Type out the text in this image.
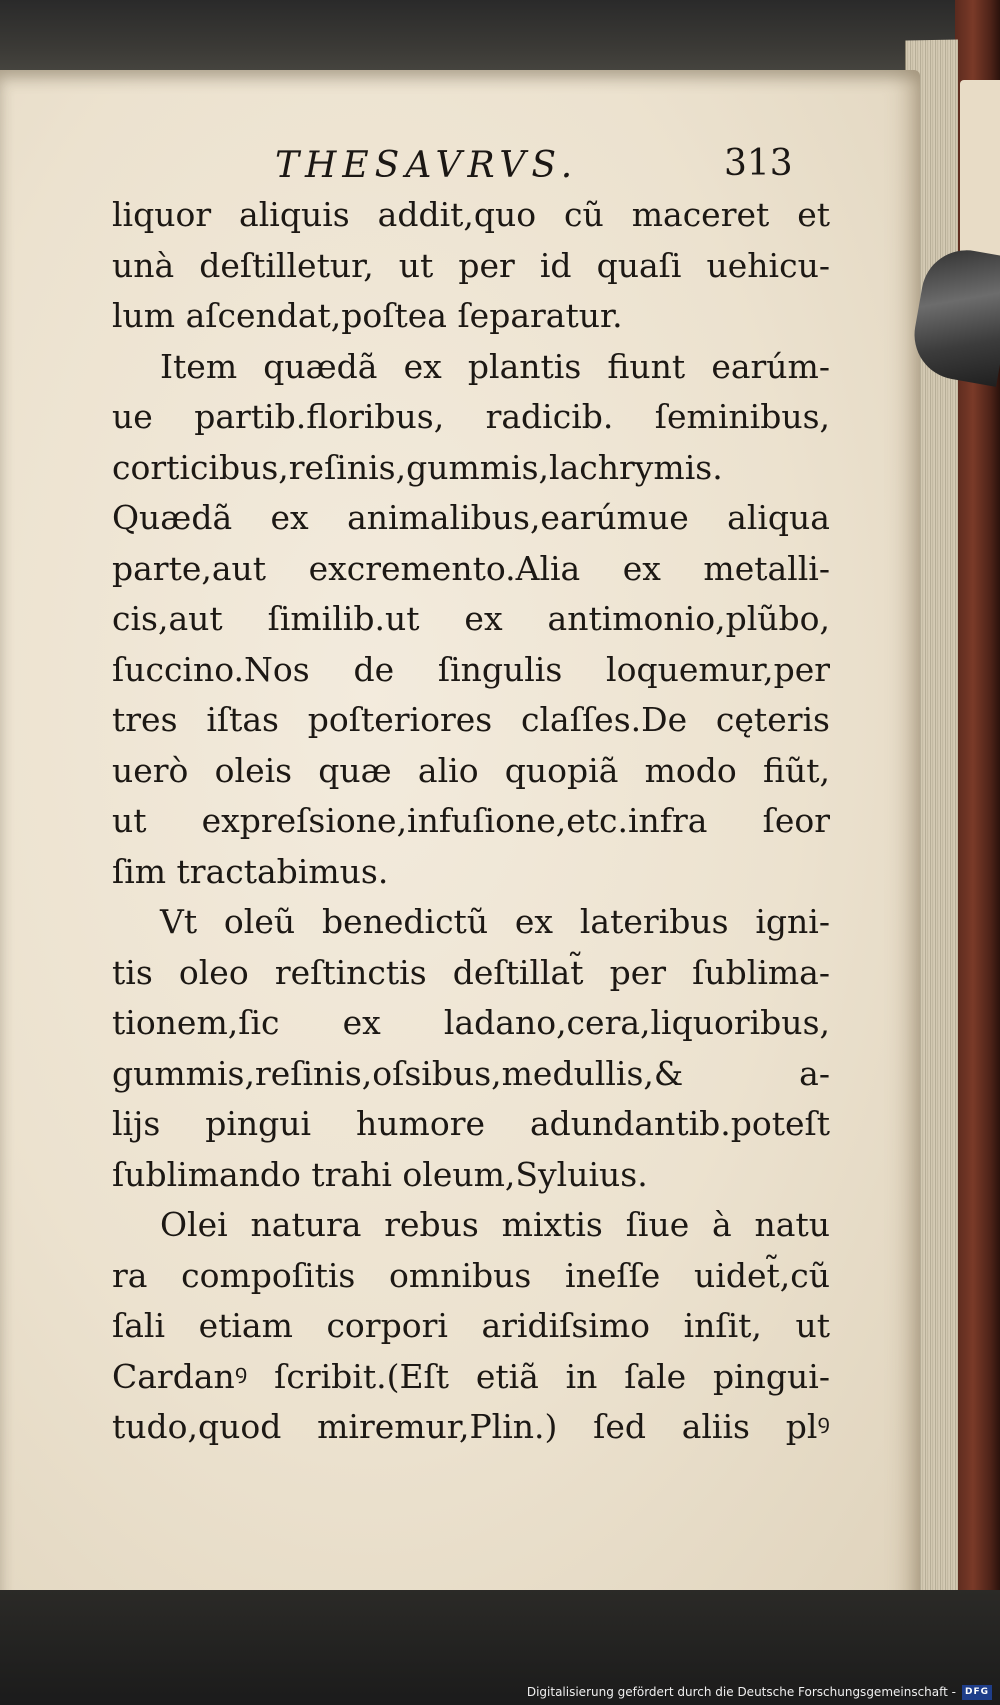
THESAVRVS.	313
liquor aliquis addit,quo cũ maceret et
unà deſtilletur, ut per id quaſi uehicu-
lum aſcendat,poſtea ſeparatur.
Item quædã ex plantis fiunt earúm-
ue partib.floribus, radicib. ſeminibus,
corticibus,reſinis,gummis,lachrymis.
Quædã ex animalibus,earúmue aliqua
parte,aut excremento.Alia ex metalli-
cis,aut ſimilib.ut ex antimonio,plũbo,
ſuccino.Nos de ſingulis loquemur,per
tres iſtas poſteriores claſſes.De cęteris
uerò oleis quæ alio quopiã modo fiũt,
ut expreſsione,infuſione,etc.infra ſeor
ſim tractabimus.
Vt oleũ benedictũ ex lateribus igni-
tis oleo reſtinctis deſtillat̃ per ſublima-
tionem,ſic ex ladano,cera,liquoribus,
gummis,reſinis,oſsibus,medullis,& a-
lijs pingui humore adundantib.poteſt
ſublimando trahi oleum,Syluius.
Olei natura rebus mixtis ſiue à natu
ra compoſitis omnibus ineſſe uidet̃,cũ
ſali etiam corpori aridiſsimo inſit, ut
Cardanꝰ ſcribit.(Eſt etiã in ſale pingui-
tudo,quod miremur,Plin.) ſed aliis plꝰ
Digitalisierung gefördert durch die Deutsche Forschungsgemeinschaft - DFG
